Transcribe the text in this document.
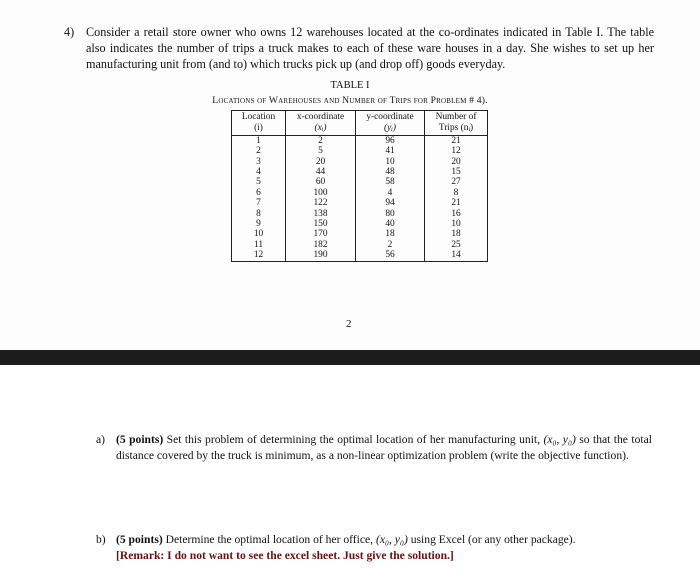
4) Consider a retail store owner who owns 12 warehouses located at the co-ordinates indicated in Table I. The table also indicates the number of trips a truck makes to each of these ware houses in a day. She wishes to set up her manufacturing unit from (and to) which trucks pick up (and drop off) goods everyday.
TABLE I
Locations of Warehouses and Number of Trips for Problem # 4).
Location	x-coordinate	y-coordinate	Number of
(i)	(xᵢ)	(yᵢ)	Trips (nᵢ)
1	2	96	21
2	5	41	12
3	20	10	20
4	44	48	15
5	60	58	27
6	100	4	8
7	122	94	21
8	138	80	16
9	150	40	10
10	170	18	18
11	182	2	25
12	190	56	14
2
a) (5 points) Set this problem of determining the optimal location of her manufacturing unit, (x₀, y₀) so that the total distance covered by the truck is minimum, as a non-linear optimization problem (write the objective function).
b) (5 points) Determine the optimal location of her office, (x₀, y₀) using Excel (or any other package).
[Remark: I do not want to see the excel sheet. Just give the solution.]
